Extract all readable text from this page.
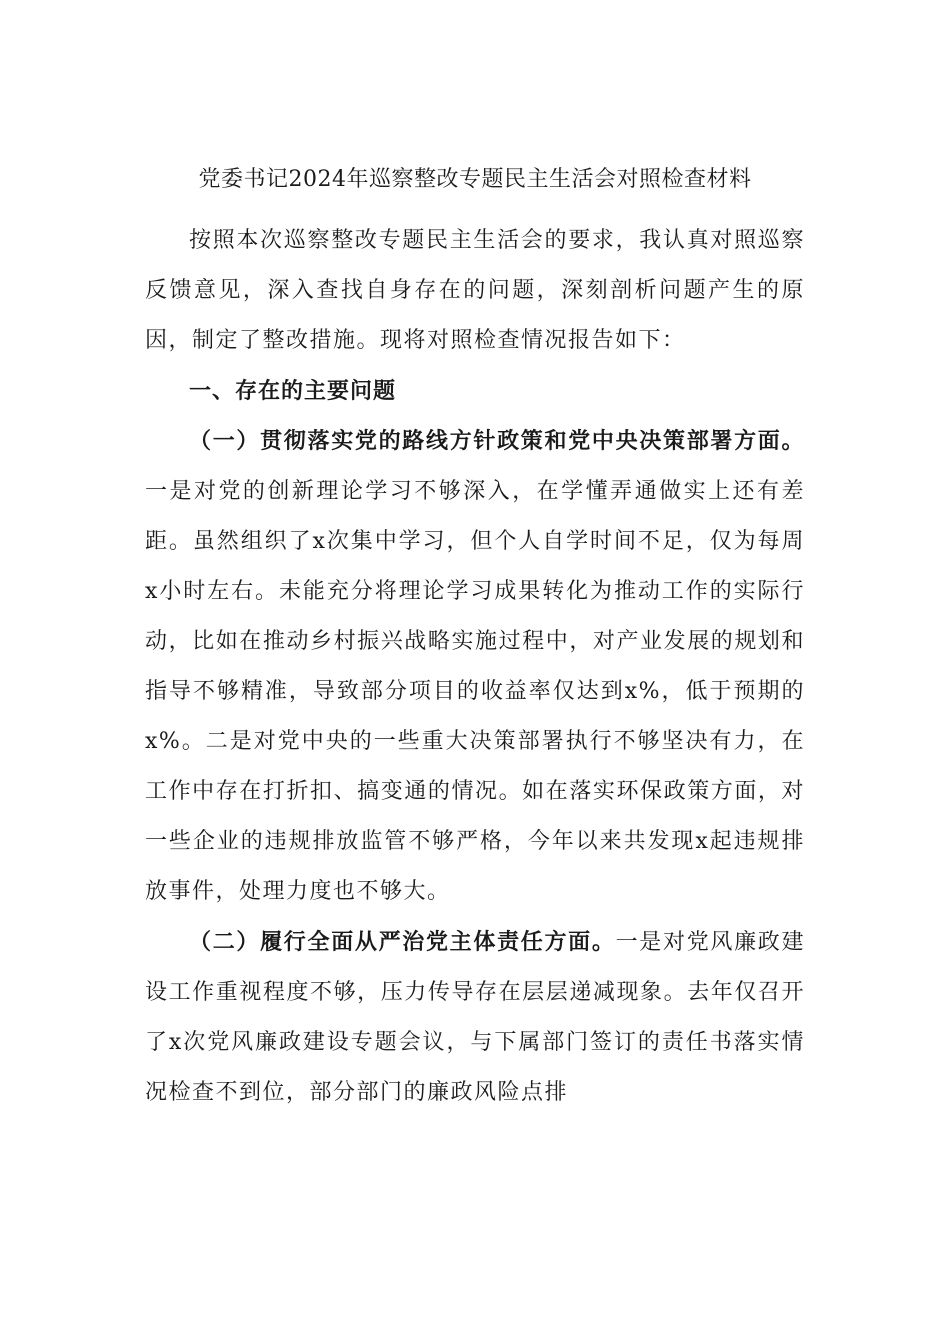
党委书记2024年巡察整改专题民主生活会对照检查材料

按照本次巡察整改专题民主生活会的要求，我认真对照巡察反馈意见，深入查找自身存在的问题，深刻剖析问题产生的原因，制定了整改措施。现将对照检查情况报告如下：

一、存在的主要问题

（一）贯彻落实党的路线方针政策和党中央决策部署方面。一是对党的创新理论学习不够深入，在学懂弄通做实上还有差距。虽然组织了x次集中学习，但个人自学时间不足，仅为每周x小时左右。未能充分将理论学习成果转化为推动工作的实际行动，比如在推动乡村振兴战略实施过程中，对产业发展的规划和指导不够精准，导致部分项目的收益率仅达到x%，低于预期的x%。二是对党中央的一些重大决策部署执行不够坚决有力，在工作中存在打折扣、搞变通的情况。如在落实环保政策方面，对一些企业的违规排放监管不够严格，今年以来共发现x起违规排放事件，处理力度也不够大。

（二）履行全面从严治党主体责任方面。一是对党风廉政建设工作重视程度不够，压力传导存在层层递减现象。去年仅召开了x次党风廉政建设专题会议，与下属部门签订的责任书落实情况检查不到位，部分部门的廉政风险点排
